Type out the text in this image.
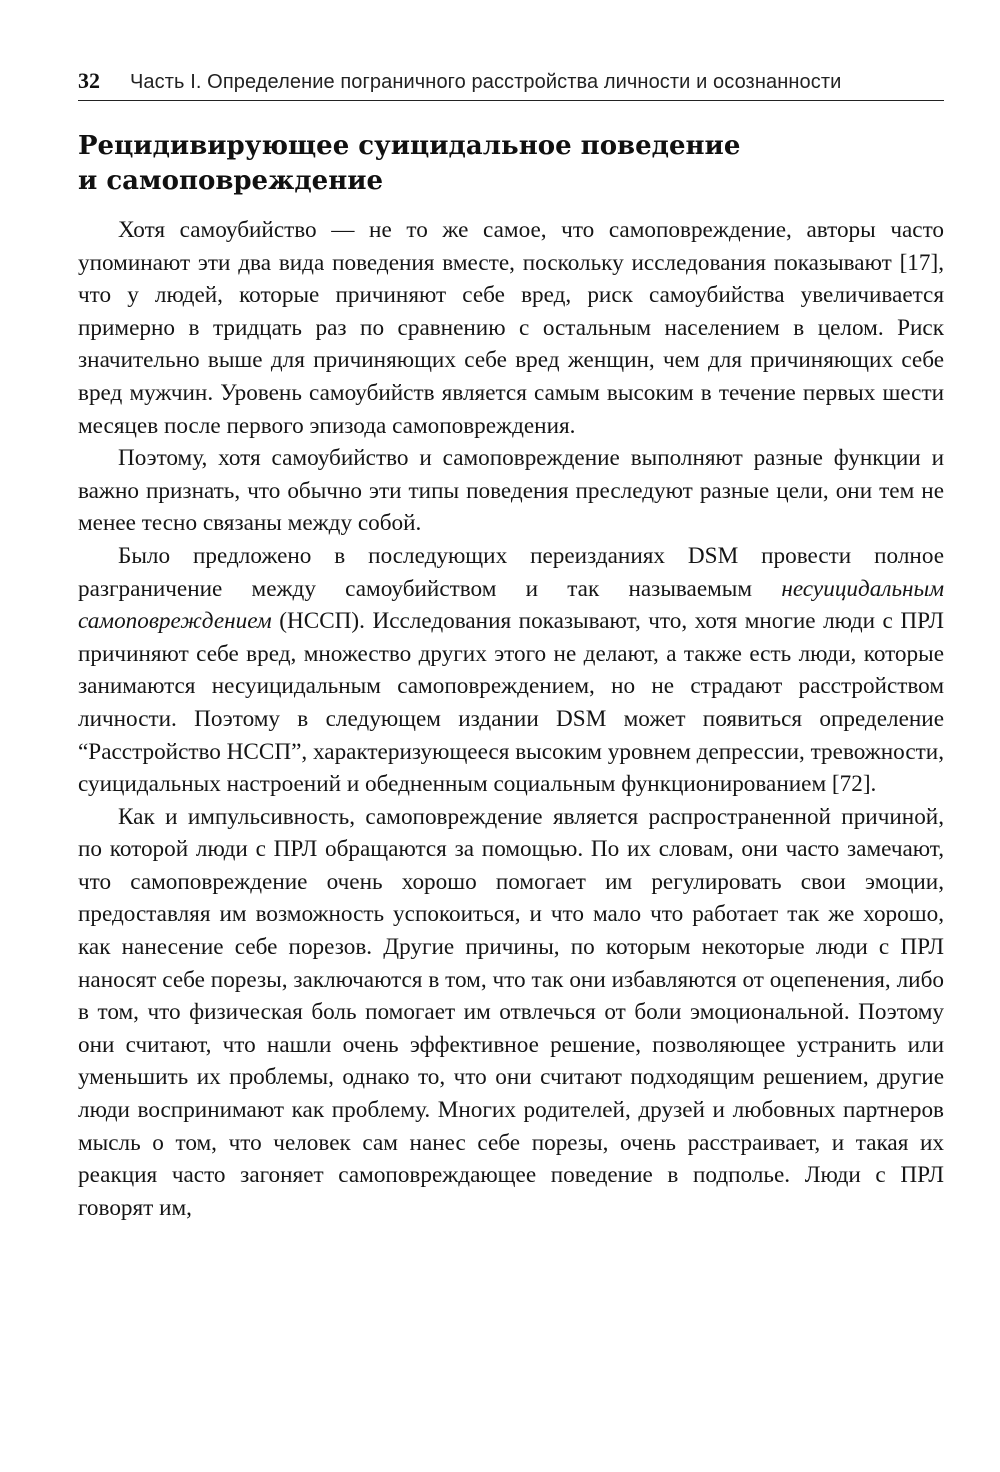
32 Часть I. Определение пограничного расстройства личности и осознанности
Рецидивирующее суицидальное поведение
и самоповреждение

Хотя самоубийство — не то же самое, что самоповреждение, авторы часто упоминают эти два вида поведения вместе, поскольку исследования показывают [17], что у людей, которые причиняют себе вред, риск самоубийства увеличивается примерно в тридцать раз по сравнению с остальным населением в целом. Риск значительно выше для причиняющих себе вред женщин, чем для причиняющих себе вред мужчин. Уровень самоубийств является самым высоким в течение первых шести месяцев после первого эпизода самоповреждения.

Поэтому, хотя самоубийство и самоповреждение выполняют разные функции и важно признать, что обычно эти типы поведения преследуют разные цели, они тем не менее тесно связаны между собой.

Было предложено в последующих переизданиях DSM провести полное разграничение между самоубийством и так называемым несуицидальным самоповреждением (НССП). Исследования показывают, что, хотя многие люди с ПРЛ причиняют себе вред, множество других этого не делают, а также есть люди, которые занимаются несуицидальным самоповреждением, но не страдают расстройством личности. Поэтому в следующем издании DSM может появиться определение “Расстройство НССП”, характеризующееся высоким уровнем депрессии, тревожности, суицидальных настроений и обедненным социальным функционированием [72].

Как и импульсивность, самоповреждение является распространенной причиной, по которой люди с ПРЛ обращаются за помощью. По их словам, они часто замечают, что самоповреждение очень хорошо помогает им регулировать свои эмоции, предоставляя им возможность успокоиться, и что мало что работает так же хорошо, как нанесение себе порезов. Другие причины, по которым некоторые люди с ПРЛ наносят себе порезы, заключаются в том, что так они избавляются от оцепенения, либо в том, что физическая боль помогает им отвлечься от боли эмоциональной. Поэтому они считают, что нашли очень эффективное решение, позволяющее устранить или уменьшить их проблемы, однако то, что они считают подходящим решением, другие люди воспринимают как проблему. Многих родителей, друзей и любовных партнеров мысль о том, что человек сам нанес себе порезы, очень расстраивает, и такая их реакция часто загоняет самоповреждающее поведение в подполье. Люди с ПРЛ говорят им,
